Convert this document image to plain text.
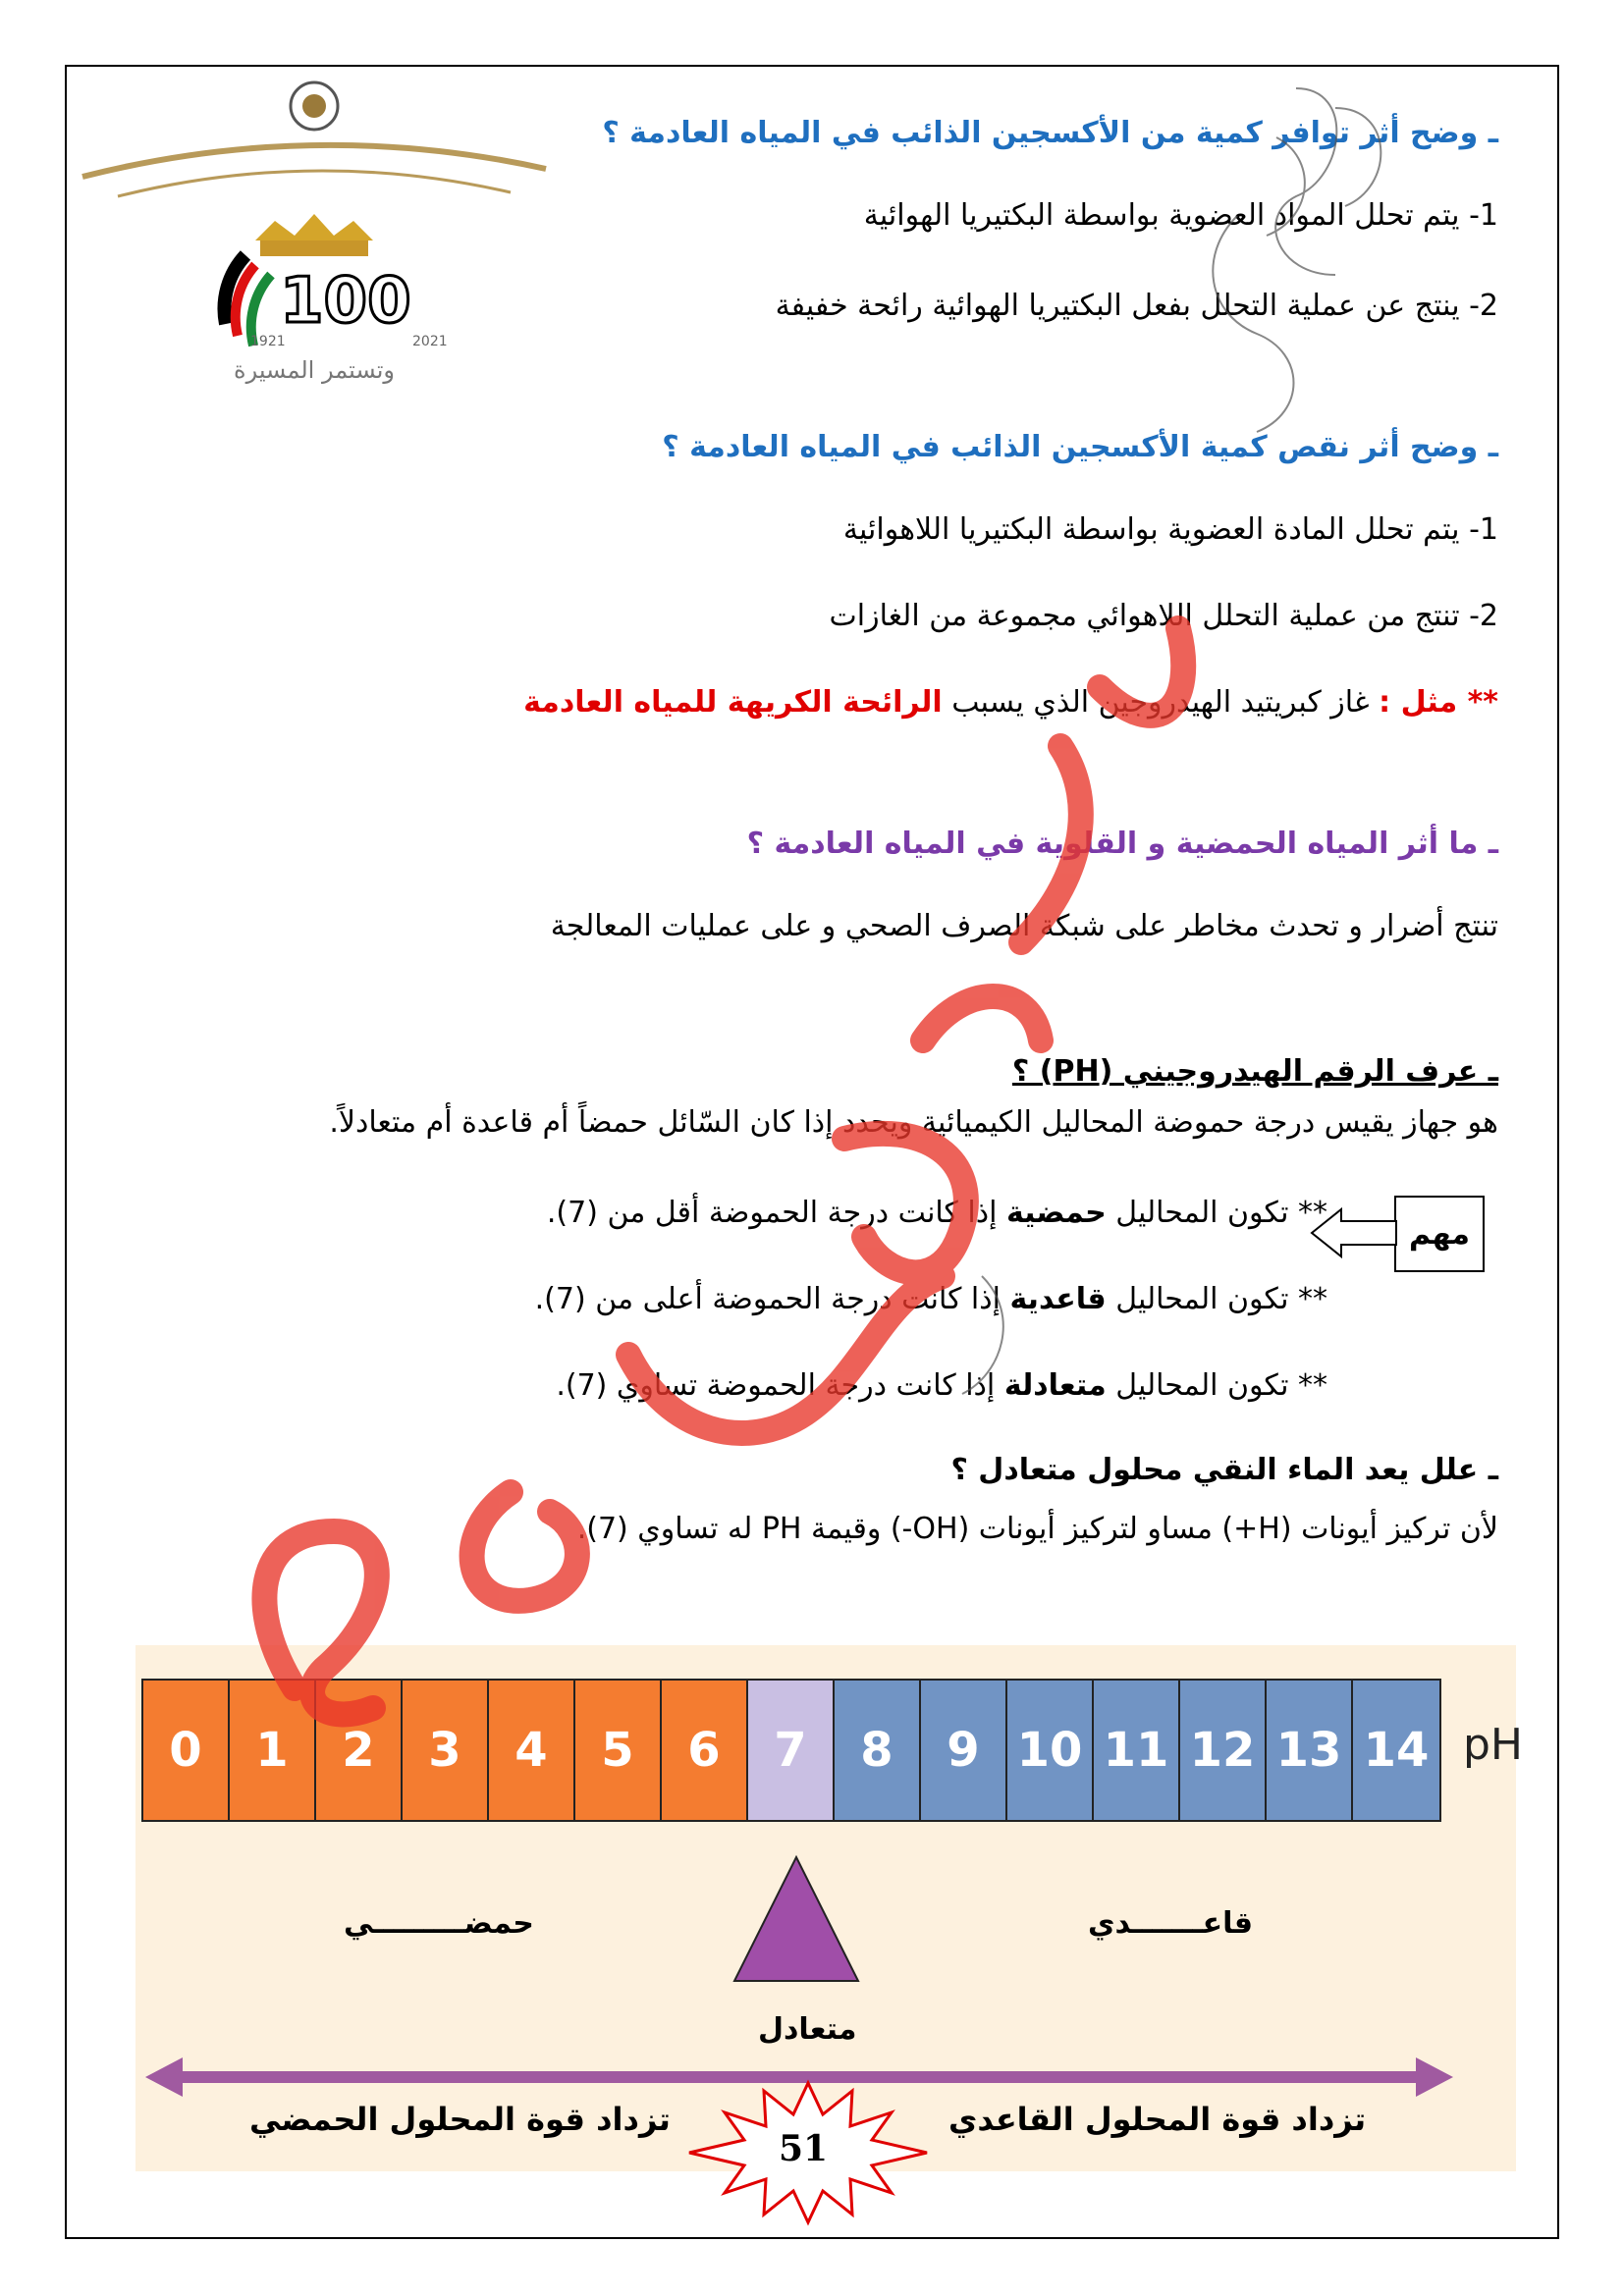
100
1921	2021
وتستمر المسيرة
ـ وضح أثر توافر كمية من الأكسجين الذائب في المياه العادمة ؟
1- يتم تحلل المواد العضوية بواسطة البكتيريا الهوائية
2- ينتج عن عملية التحلل بفعل البكتيريا الهوائية رائحة خفيفة
ـ وضح أثر نقص كمية الأكسجين الذائب في المياه العادمة ؟
1- يتم تحلل المادة العضوية بواسطة البكتيريا اللاهوائية
2- تنتج من عملية التحلل اللاهوائي مجموعة من الغازات
** مثل : غاز كبريتيد الهيدروجين الذي يسبب الرائحة الكريهة للمياه العادمة
ـ ما أثر المياه الحمضية و القلوية في المياه العادمة ؟
تنتج أضرار و تحدث مخاطر على شبكة الصرف الصحي و على عمليات المعالجة
ـ عرف الرقم الهيدروجيني (PH) ؟
هو جهاز يقيس درجة حموضة المحاليل الكيميائية ويحدد إذا كان السّائل حمضاً أم قاعدة أم متعادلاً.
مهم
** تكون المحاليل حمضية إذا كانت درجة الحموضة أقل من (7).
** تكون المحاليل قاعدية إذا كانت درجة الحموضة أعلى من (7).
** تكون المحاليل متعادلة إذا كانت درجة الحموضة تساوي (7).
ـ علل يعد الماء النقي محلول متعادل ؟
لأن تركيز أيونات (H+) مساو لتركيز أيونات (OH-) وقيمة PH له تساوي (7).
0	1	2	3	4	5	6	7	8	9 10 11 12 13 14 pH
حمضـــــــــي	قاعـــــــدي
متعادل
تزداد قوة المحلول الحمضي	تزداد قوة المحلول القاعدي
51
